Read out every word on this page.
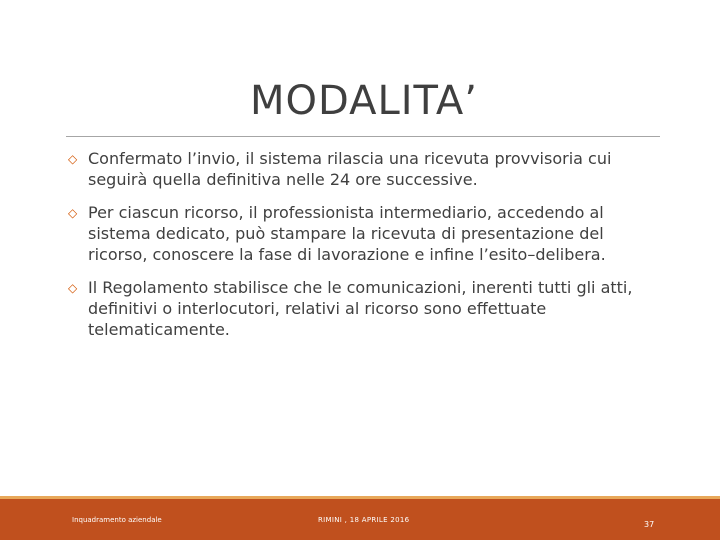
MODALITA’
◇ Confermato l’invio, il sistema rilascia una ricevuta provvisoria cui seguirà quella definitiva nelle 24 ore successive.
◇ Per ciascun ricorso, il professionista intermediario, accedendo al sistema dedicato, può stampare la ricevuta di presentazione del ricorso, conoscere la fase di lavorazione e infine l’esito–delibera.
◇ Il Regolamento stabilisce che le comunicazioni, inerenti tutti gli atti, definitivi o interlocutori, relativi al ricorso sono effettuate telematicamente.
Inquadramento aziendale	RIMINI , 18 APRILE 2016	37
